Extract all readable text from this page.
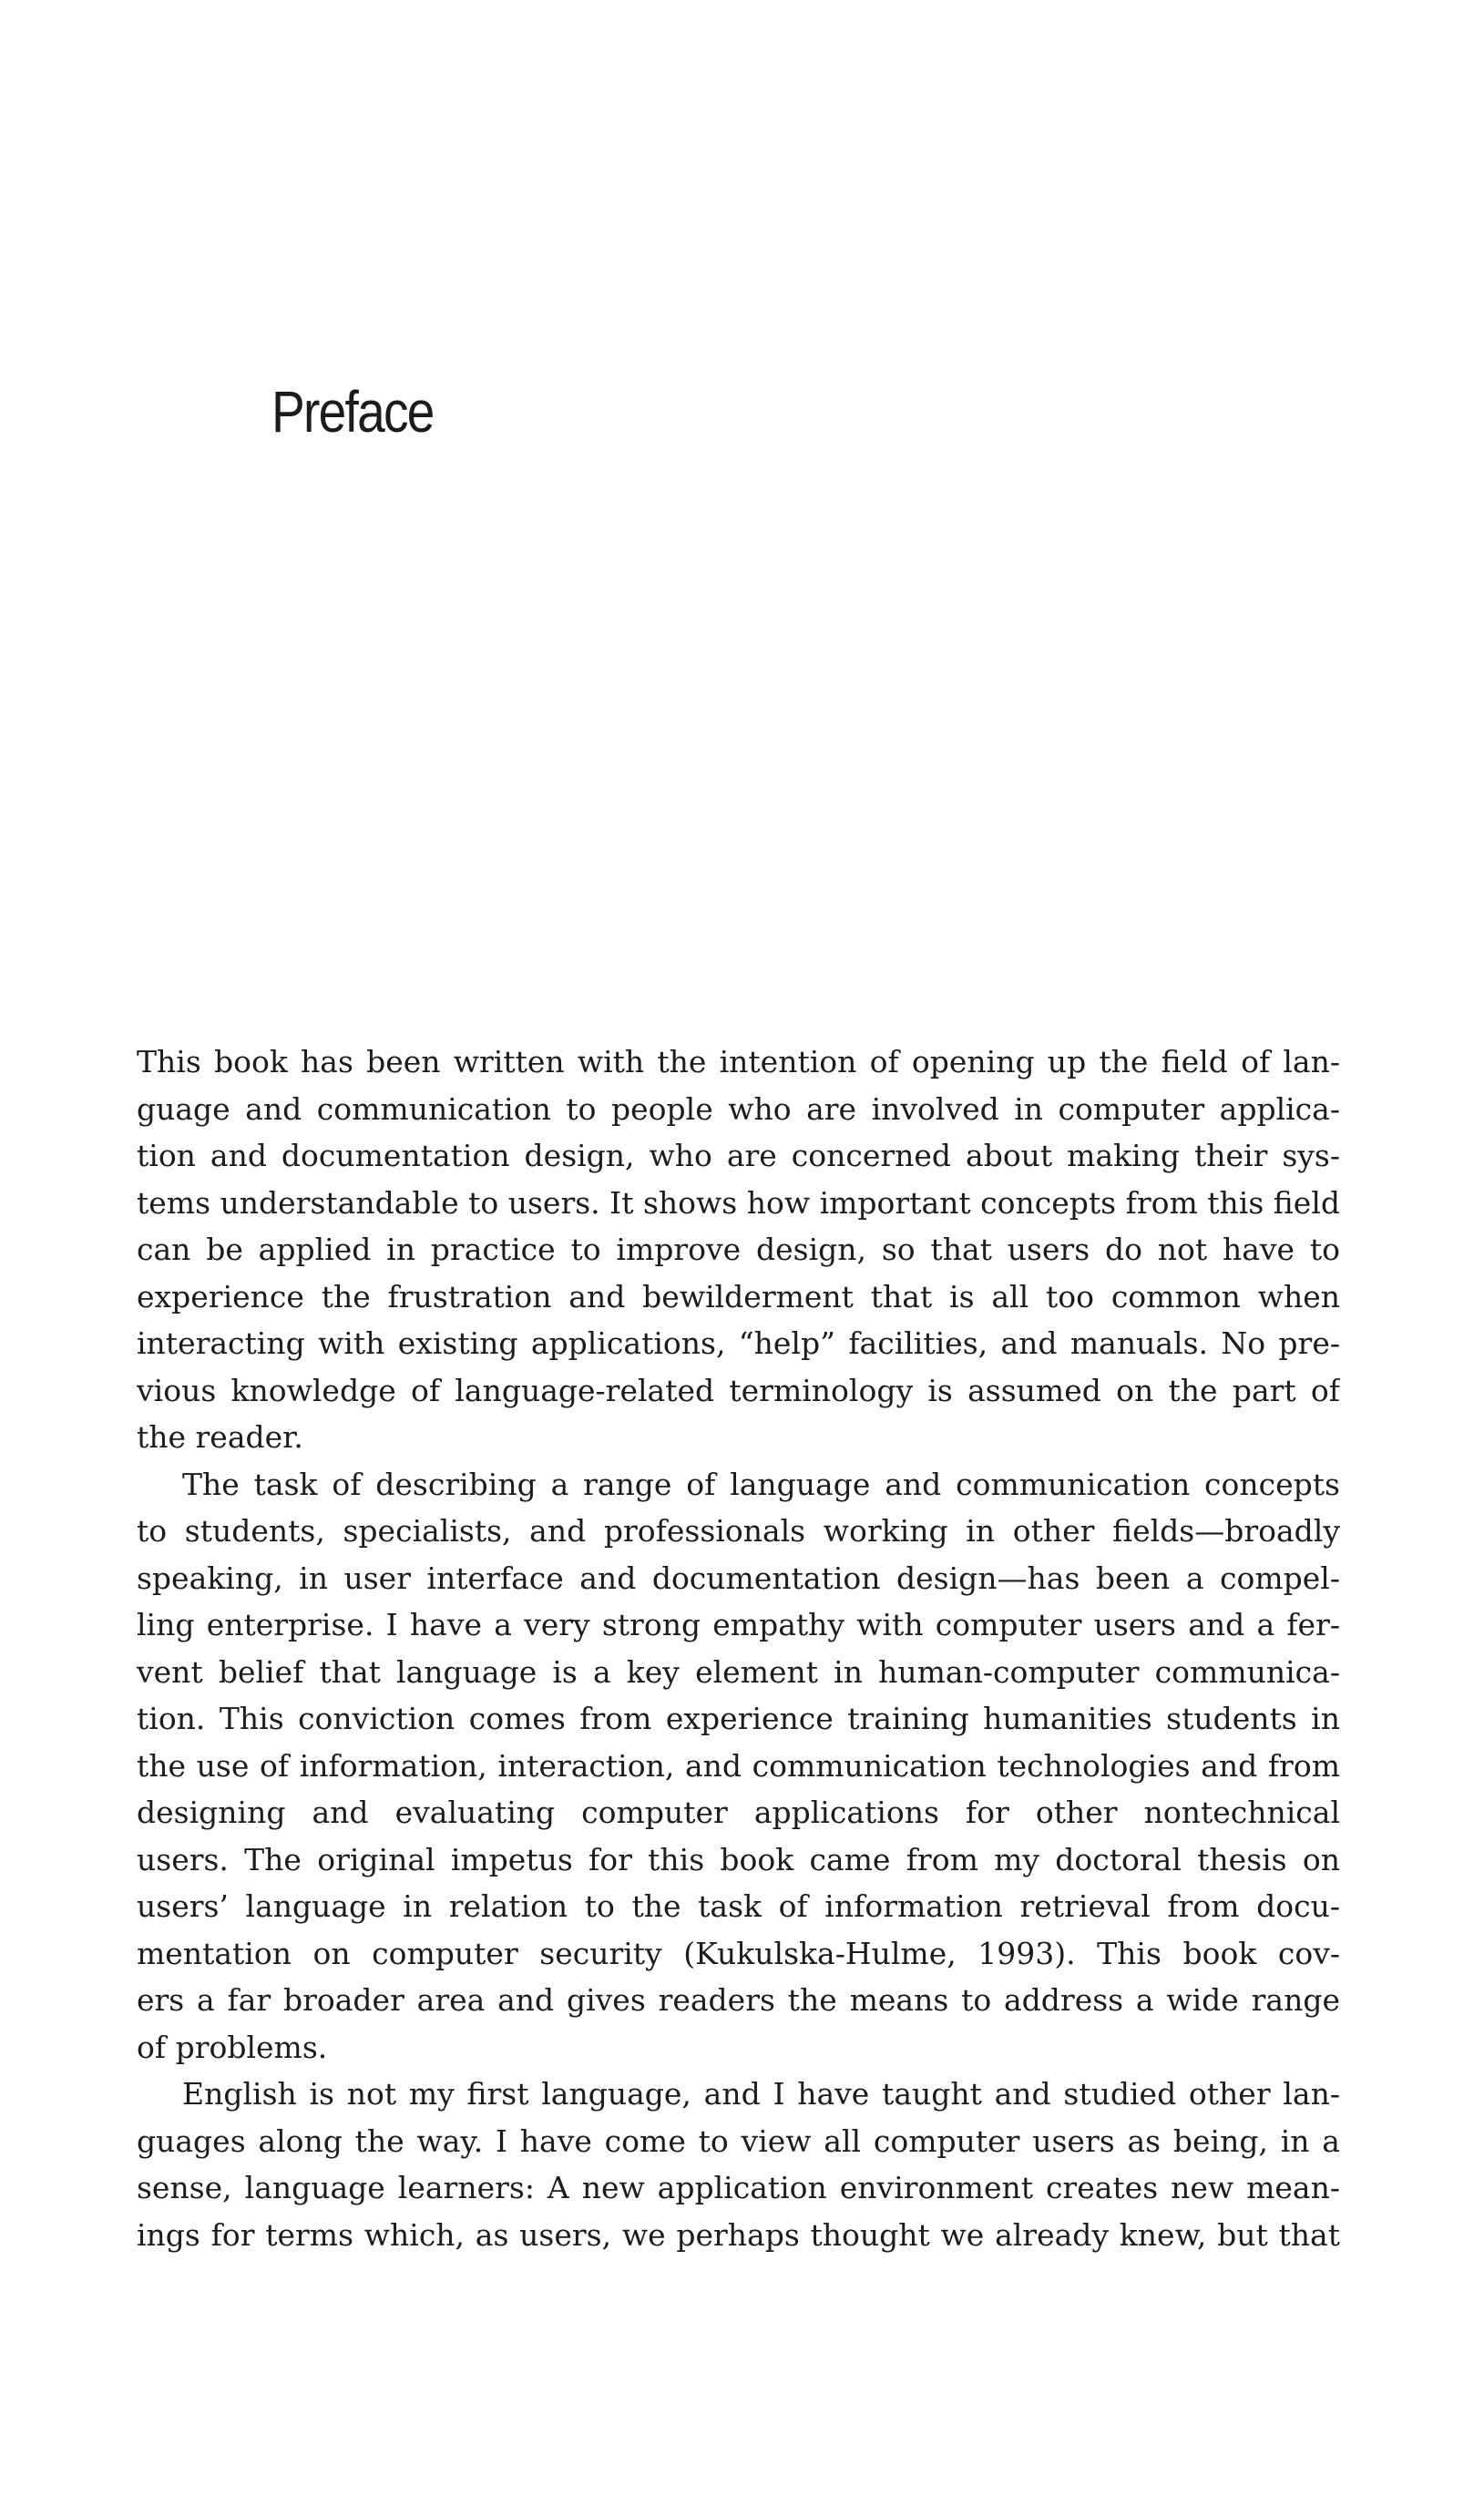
Preface
This book has been written with the intention of opening up the field of lan-
guage and communication to people who are involved in computer applica-
tion and documentation design, who are concerned about making their sys-
tems understandable to users. It shows how important concepts from this field
can be applied in practice to improve design, so that users do not have to
experience the frustration and bewilderment that is all too common when
interacting with existing applications, “help” facilities, and manuals. No pre-
vious knowledge of language-related terminology is assumed on the part of
the reader.
The task of describing a range of language and communication concepts
to students, specialists, and professionals working in other fields—broadly
speaking, in user interface and documentation design—has been a compel-
ling enterprise. I have a very strong empathy with computer users and a fer-
vent belief that language is a key element in human-computer communica-
tion. This conviction comes from experience training humanities students in
the use of information, interaction, and communication technologies and from
designing and evaluating computer applications for other nontechnical
users. The original impetus for this book came from my doctoral thesis on
users’ language in relation to the task of information retrieval from docu-
mentation on computer security (Kukulska-Hulme, 1993). This book cov-
ers a far broader area and gives readers the means to address a wide range
of problems.
English is not my first language, and I have taught and studied other lan-
guages along the way. I have come to view all computer users as being, in a
sense, language learners: A new application environment creates new mean-
ings for terms which, as users, we perhaps thought we already knew, but that
